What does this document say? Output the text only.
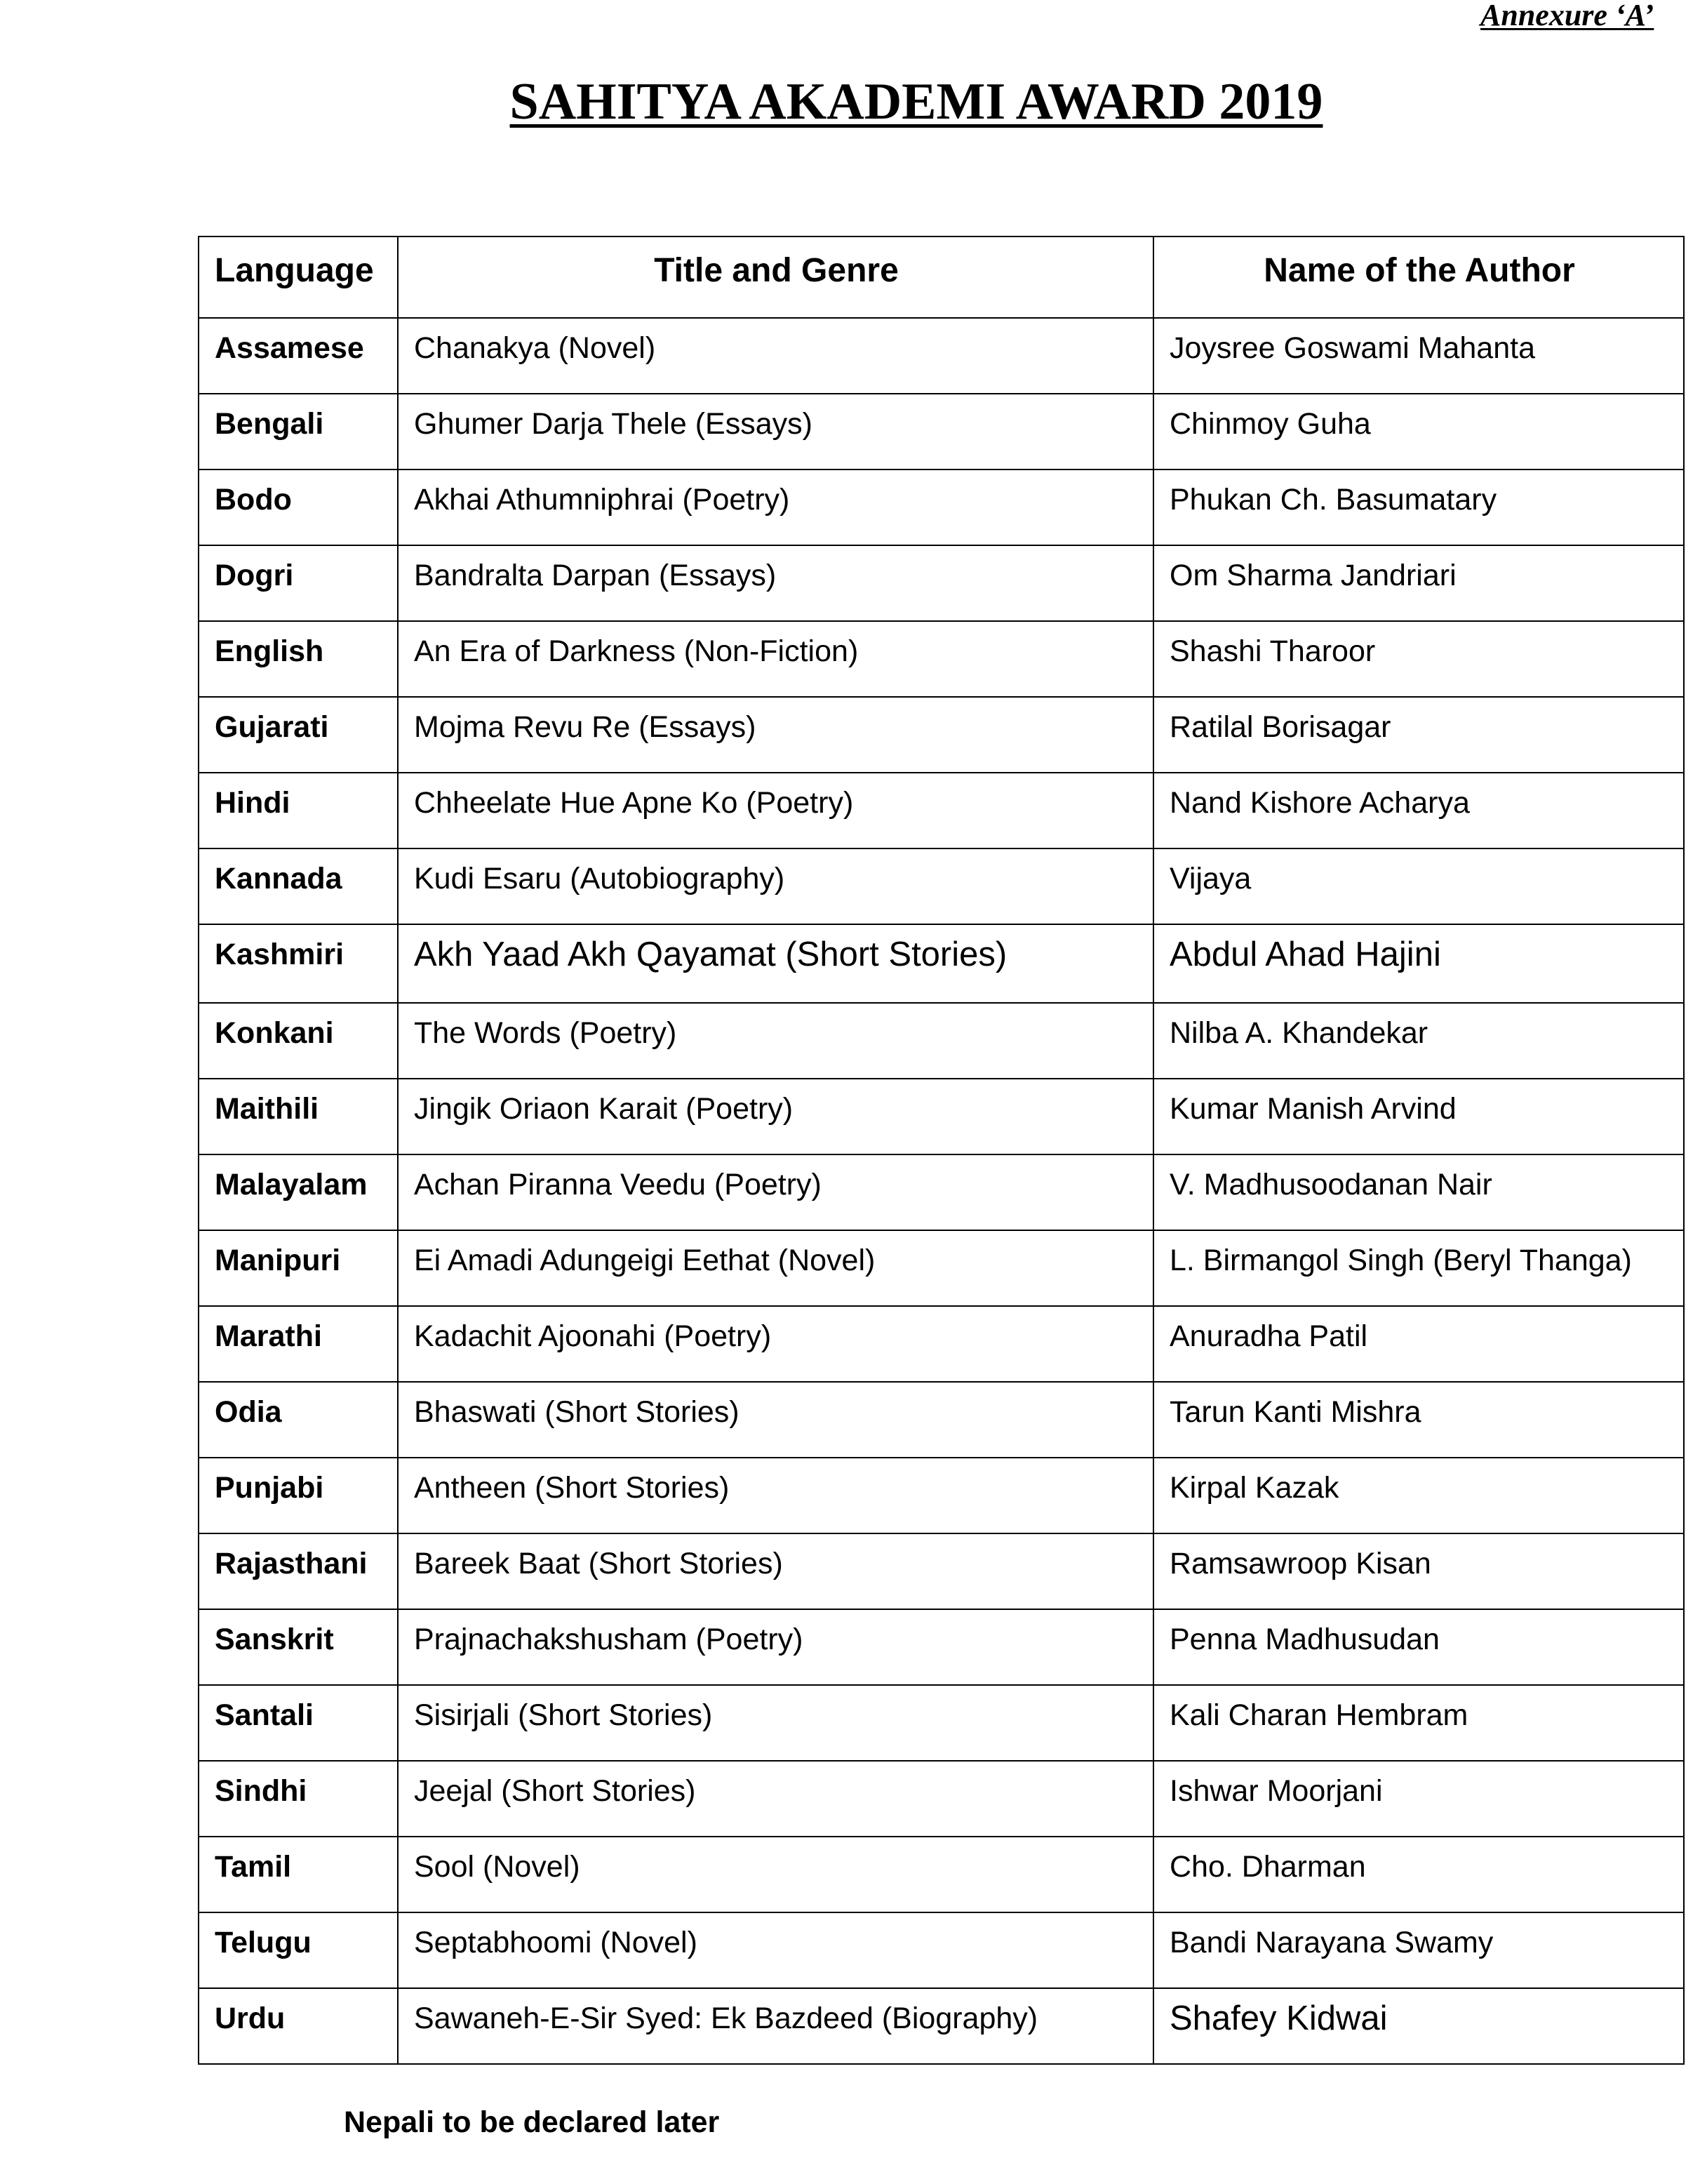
Annexure ‘A’
SAHITYA AKADEMI AWARD 2019
Language	Title and Genre	Name of the Author
Assamese	Chanakya (Novel)	Joysree Goswami Mahanta
Bengali	Ghumer Darja Thele (Essays)	Chinmoy Guha
Bodo	Akhai Athumniphrai (Poetry)	Phukan Ch. Basumatary
Dogri	Bandralta Darpan (Essays)	Om Sharma Jandriari
English	An Era of Darkness (Non-Fiction)	Shashi Tharoor
Gujarati	Mojma Revu Re (Essays)	Ratilal Borisagar
Hindi	Chheelate Hue Apne Ko (Poetry)	Nand Kishore Acharya
Kannada	Kudi Esaru (Autobiography)	Vijaya
Kashmiri	Akh Yaad Akh Qayamat (Short Stories)	Abdul Ahad Hajini
Konkani	The Words (Poetry)	Nilba A. Khandekar
Maithili	Jingik Oriaon Karait (Poetry)	Kumar Manish Arvind
Malayalam	Achan Piranna Veedu (Poetry)	V. Madhusoodanan Nair
Manipuri	Ei Amadi Adungeigi Eethat (Novel)	L. Birmangol Singh (Beryl Thanga)
Marathi	Kadachit Ajoonahi (Poetry)	Anuradha Patil
Odia	Bhaswati (Short Stories)	Tarun Kanti Mishra
Punjabi	Antheen (Short Stories)	Kirpal Kazak
Rajasthani	Bareek Baat (Short Stories)	Ramsawroop Kisan
Sanskrit	Prajnachakshusham (Poetry)	Penna Madhusudan
Santali	Sisirjali (Short Stories)	Kali Charan Hembram
Sindhi	Jeejal (Short Stories)	Ishwar Moorjani
Tamil	Sool (Novel)	Cho. Dharman
Telugu	Septabhoomi (Novel)	Bandi Narayana Swamy
Urdu	Sawaneh-E-Sir Syed: Ek Bazdeed (Biography)	Shafey Kidwai
Nepali to be declared later
